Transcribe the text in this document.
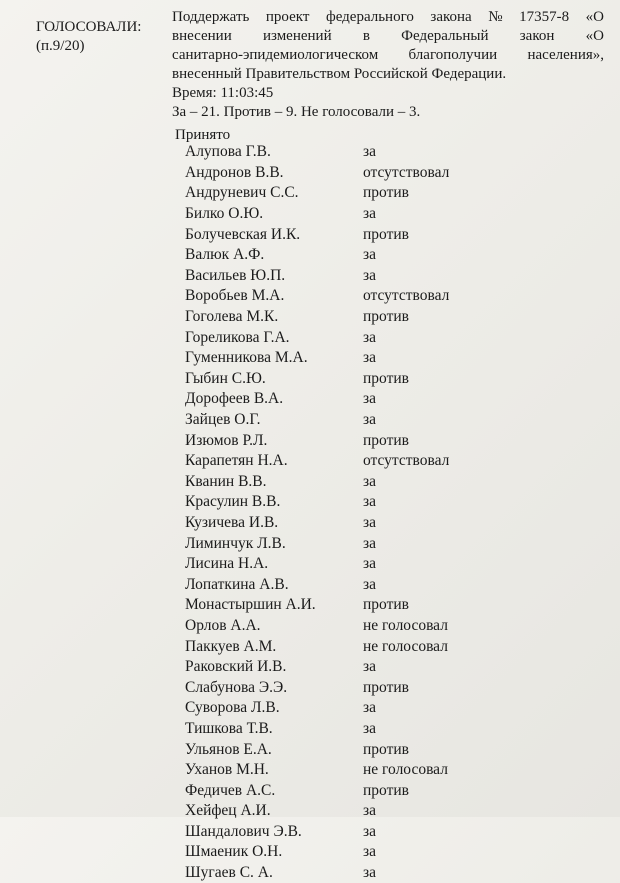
ГОЛОСОВАЛИ:
(п.9/20)
Поддержать проект федерального закона № 17357-8 «О
внесении изменений в Федеральный закон «О
санитарно-эпидемиологическом благополучии населения»,
внесенный Правительством Российской Федерации.
Время: 11:03:45
За – 21. Против – 9. Не голосовали – 3.
Принято
Алупова Г.В.	за
Андронов В.В.	отсутствовал
Андруневич С.С.	против
Билко О.Ю.	за
Болучевская И.К.	против
Валюк А.Ф.	за
Васильев Ю.П.	за
Воробьев М.А.	отсутствовал
Гоголева М.К.	против
Гореликова Г.А.	за
Гуменникова М.А.	за
Гыбин С.Ю.	против
Дорофеев В.А.	за
Зайцев О.Г.	за
Изюмов Р.Л.	против
Карапетян Н.А.	отсутствовал
Кванин В.В.	за
Красулин В.В.	за
Кузичева И.В.	за
Лиминчук Л.В.	за
Лисина Н.А.	за
Лопаткина А.В.	за
Монастыршин А.И.	против
Орлов А.А.	не голосовал
Паккуев А.М.	не голосовал
Раковский И.В.	за
Слабунова Э.Э.	против
Суворова Л.В.	за
Тишкова Т.В.	за
Ульянов Е.А.	против
Уханов М.Н.	не голосовал
Федичев А.С.	против
Хейфец А.И.	за
Шандалович Э.В.	за
Шмаеник О.Н.	за
Шугаев С. А.	за
